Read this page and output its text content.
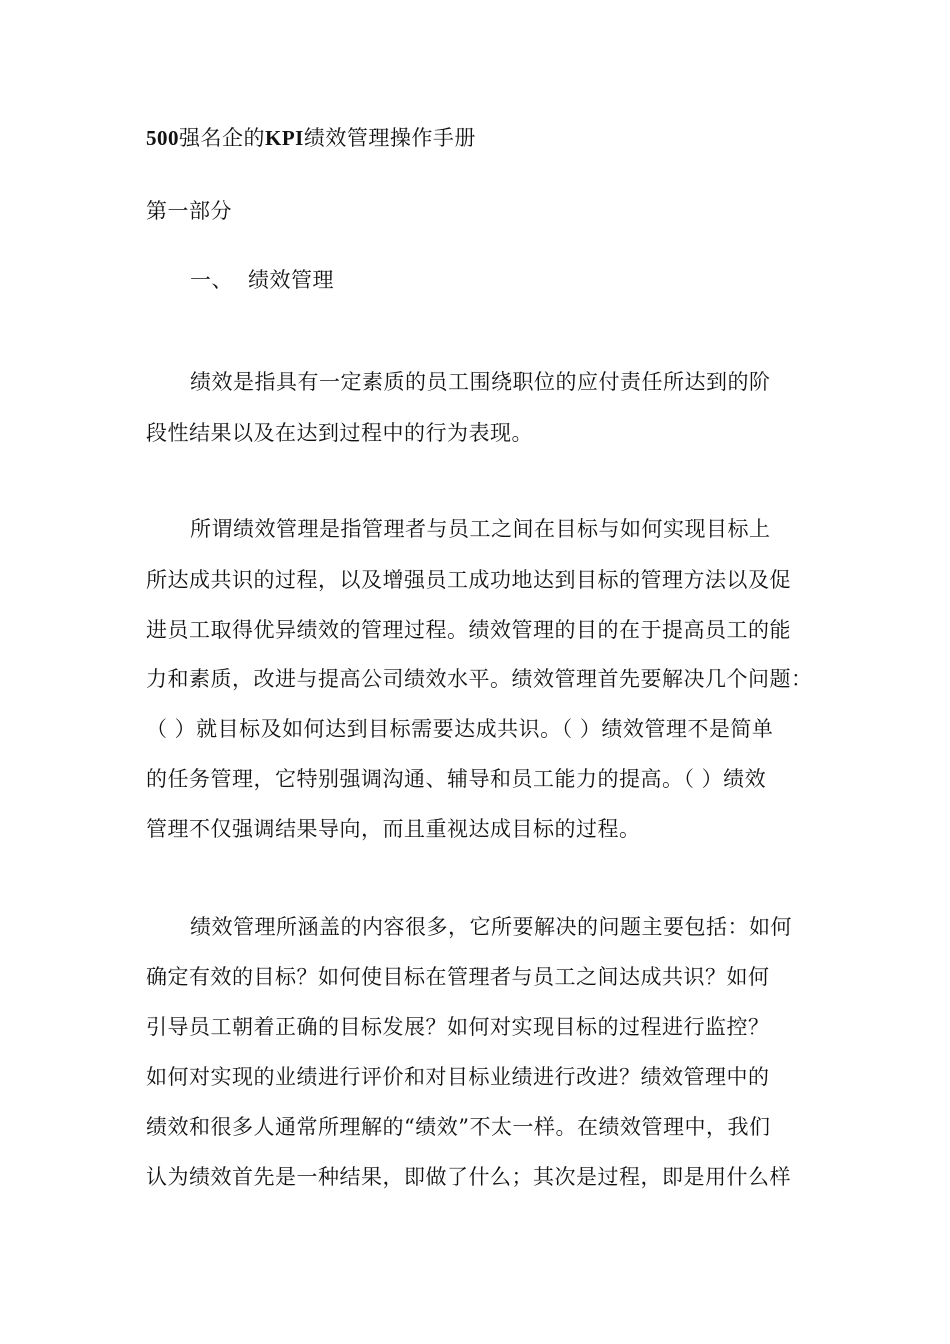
500强名企的KPI绩效管理操作手册
第一部分
一、 绩效管理
绩效是指具有一定素质的员工围绕职位的应付责任所达到的阶
段性结果以及在达到过程中的行为表现。
所谓绩效管理是指管理者与员工之间在目标与如何实现目标上
所达成共识的过程，以及增强员工成功地达到目标的管理方法以及促
进员工取得优异绩效的管理过程。绩效管理的目的在于提高员工的能
力和素质，改进与提高公司绩效水平。绩效管理首先要解决几个问题：
（ ）就目标及如何达到目标需要达成共识。（ ）绩效管理不是简单
的任务管理，它特别强调沟通、辅导和员工能力的提高。（ ）绩效
管理不仅强调结果导向，而且重视达成目标的过程。
绩效管理所涵盖的内容很多，它所要解决的问题主要包括：如何
确定有效的目标？如何使目标在管理者与员工之间达成共识？如何
引导员工朝着正确的目标发展？如何对实现目标的过程进行监控？
如何对实现的业绩进行评价和对目标业绩进行改进？绩效管理中的
绩效和很多人通常所理解的“绩效”不太一样。在绩效管理中，我们
认为绩效首先是一种结果，即做了什么；其次是过程，即是用什么样
